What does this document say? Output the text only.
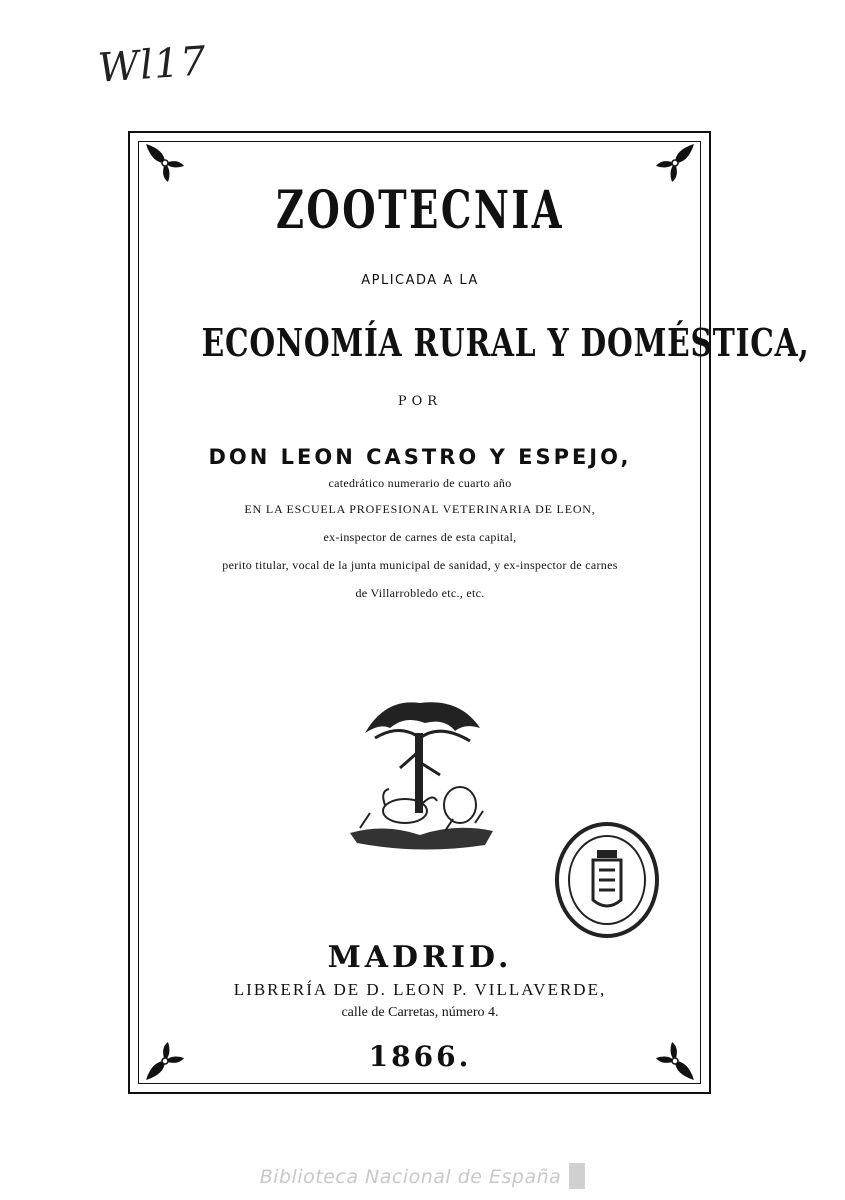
Wl17
ZOOTECNIA
APLICADA A LA
ECONOMÍA RURAL Y DOMÉSTICA,
POR
DON LEON CASTRO Y ESPEJO,
catedrático numerario de cuarto año
EN LA ESCUELA PROFESIONAL VETERINARIA DE LEON,
ex-inspector de carnes de esta capital,
perito titular, vocal de la junta municipal de sanidad, y ex-inspector de carnes
de Villarrobledo etc., etc.
MADRID.
LIBRERÍA DE D. LEON P. VILLAVERDE,
calle de Carretas, número 4.
1866.
Biblioteca Nacional de España
